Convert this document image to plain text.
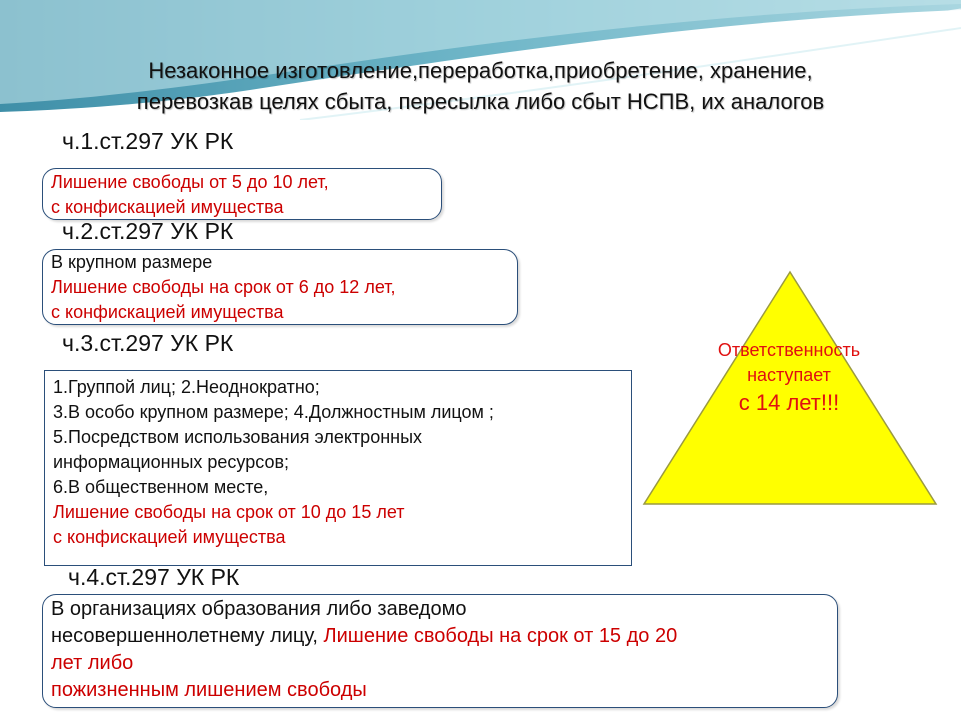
Незаконное изготовление,переработка,приобретение, хранение,
перевозкав целях сбыта, пересылка либо сбыт НСПВ, их аналогов
ч.1.ст.297 УК РК
Лишение свободы от 5 до 10 лет,
с конфискацией имущества
ч.2.ст.297 УК РК
В крупном размере
Лишение свободы на срок от 6 до 12 лет,
с конфискацией имущества
ч.3.ст.297 УК РК
1.Группой лиц; 2.Неоднократно;
3.В особо крупном размере; 4.Должностным лицом ;
5.Посредством использования электронных
информационных ресурсов;
6.В общественном месте,
Лишение свободы на срок от 10 до 15 лет
с конфискацией имущества
ч.4.ст.297 УК РК
В организациях образования либо заведомо
несовершеннолетнему лицу, Лишение свободы на срок от 15 до 20
лет либо
пожизненным лишением свободы
Ответственность
наступает
с 14 лет!!!
